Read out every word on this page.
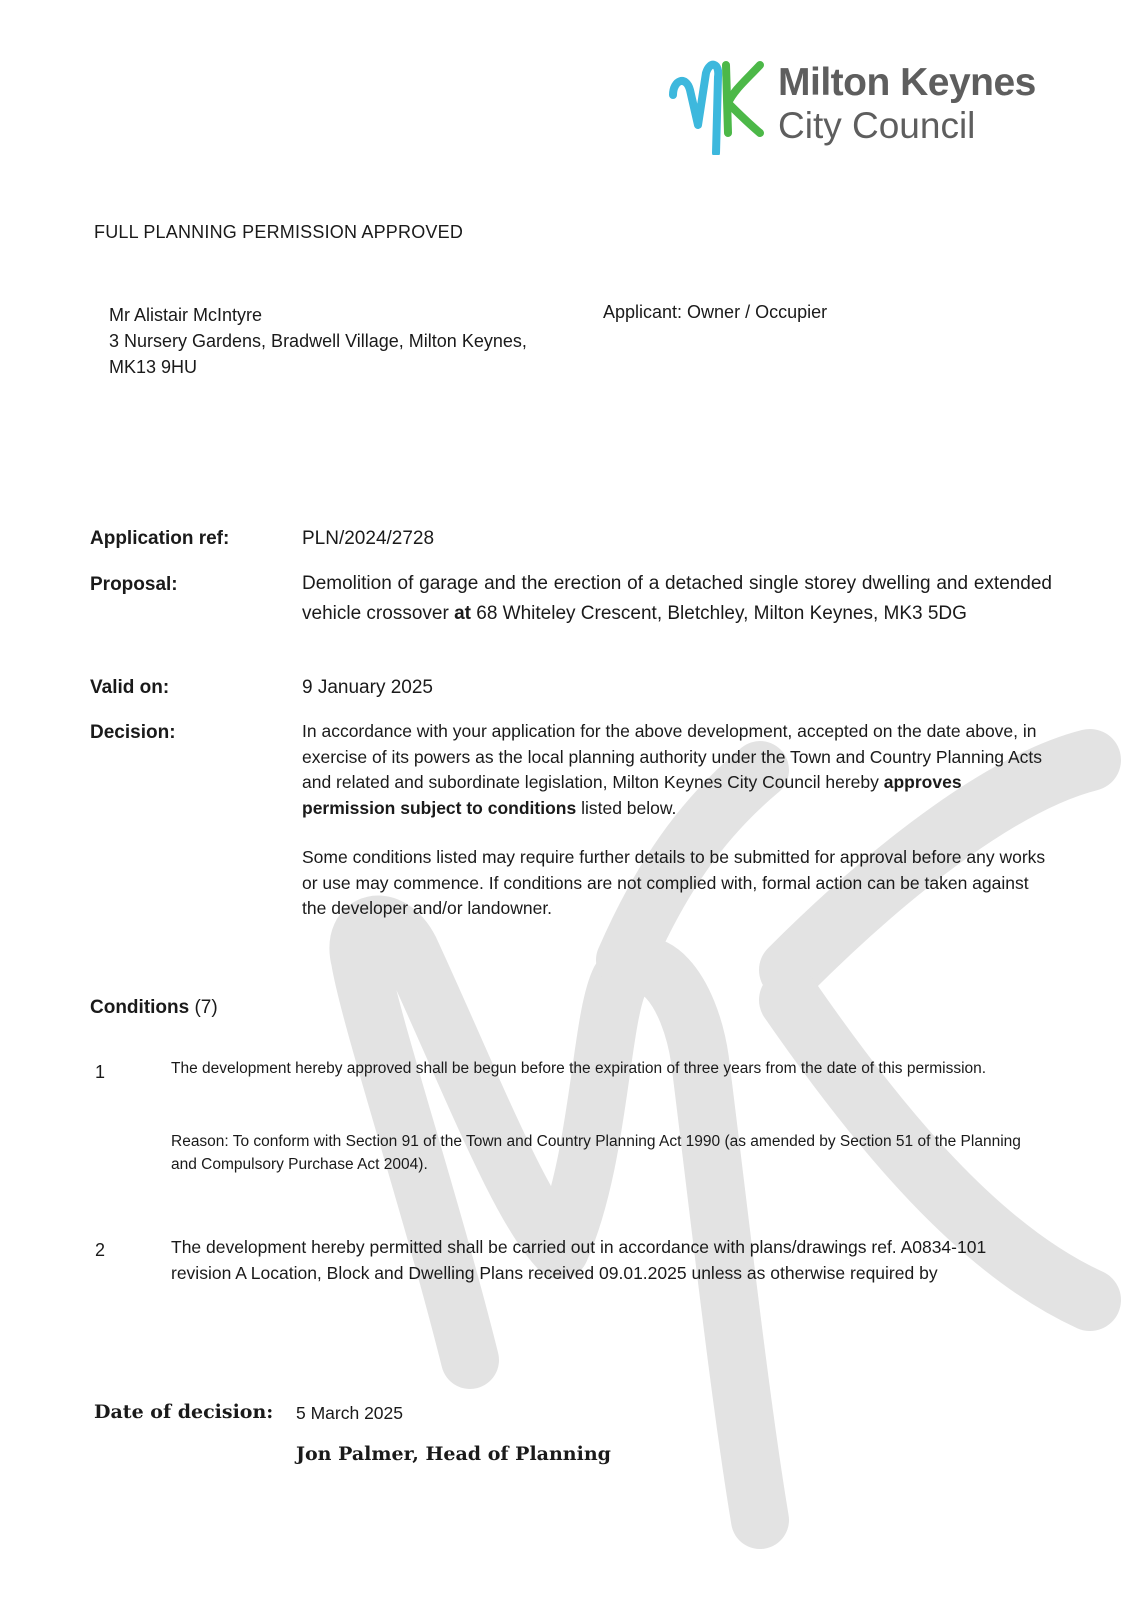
Milton Keynes
City Council
FULL PLANNING PERMISSION APPROVED
Mr Alistair McIntyre
3 Nursery Gardens, Bradwell Village, Milton Keynes,
MK13 9HU
Applicant: Owner / Occupier
Application ref:	PLN/2024/2728
Proposal:	Demolition of garage and the erection of a detached single storey dwelling and extended vehicle crossover at 68 Whiteley Crescent, Bletchley, Milton Keynes, MK3 5DG
Valid on:	9 January 2025
Decision:	In accordance with your application for the above development, accepted on the date above, in exercise of its powers as the local planning authority under the Town and Country Planning Acts and related and subordinate legislation, Milton Keynes City Council hereby approves permission subject to conditions listed below.
Some conditions listed may require further details to be submitted for approval before any works or use may commence. If conditions are not complied with, formal action can be taken against the developer and/or landowner.
Conditions (7)
1	The development hereby approved shall be begun before the expiration of three years from the date of this permission.
Reason: To conform with Section 91 of the Town and Country Planning Act 1990 (as amended by Section 51 of the Planning and Compulsory Purchase Act 2004).
2	The development hereby permitted shall be carried out in accordance with plans/drawings ref. A0834-101 revision A Location, Block and Dwelling Plans received 09.01.2025 unless as otherwise required by
Date of decision: 5 March 2025
Jon Palmer, Head of Planning
